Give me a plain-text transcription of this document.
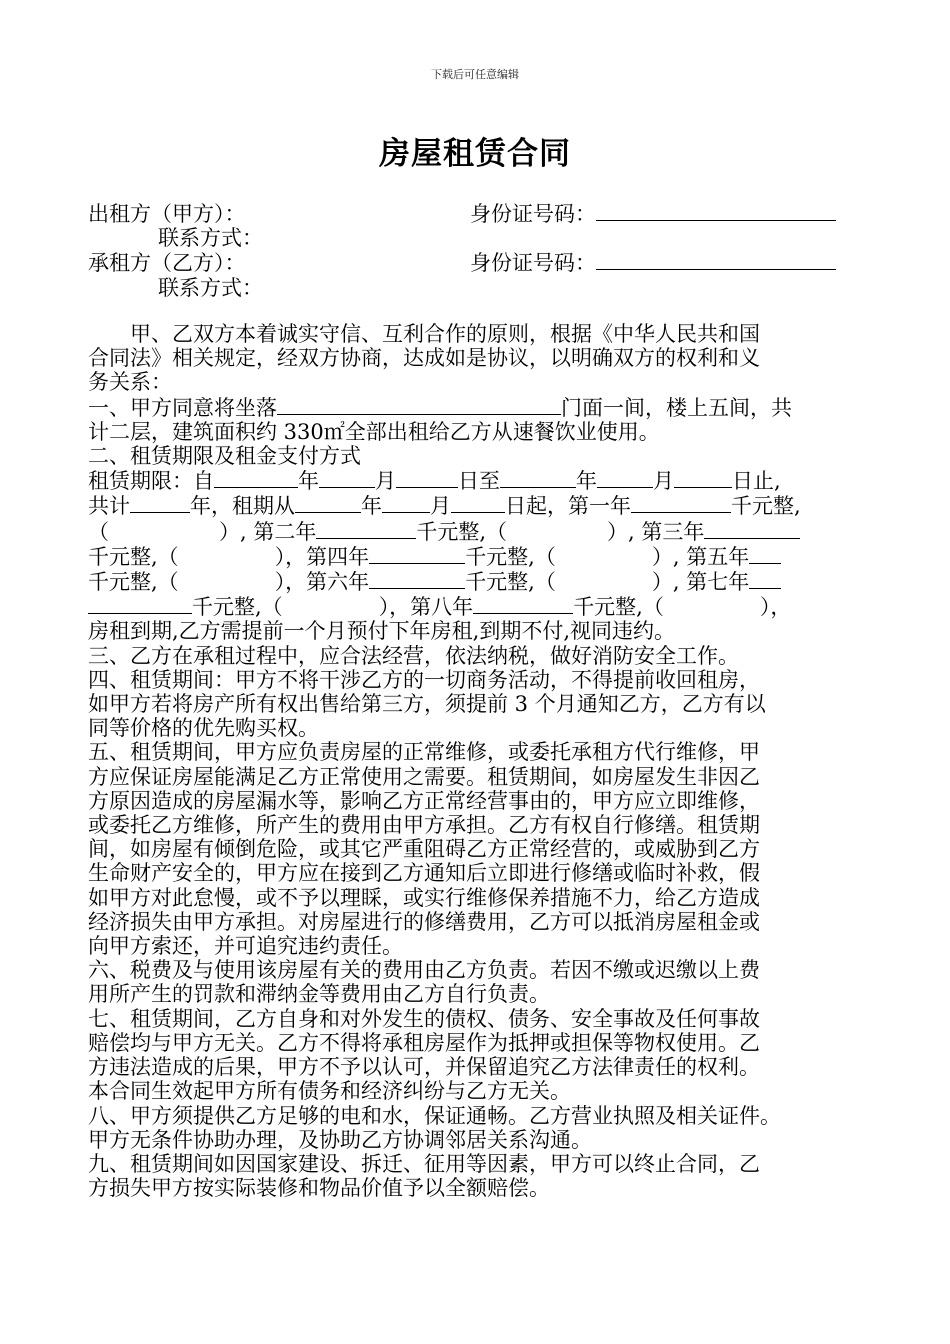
下载后可任意编辑
房屋租赁合同
出租方（甲方）：	身份证号码：
联系方式：
承租方（乙方）：	身份证号码：
联系方式：

　　甲、乙双方本着诚实守信、互利合作的原则，根据《中华人民共和国

合同法》相关规定，经双方协商，达成如是协议，以明确双方的权利和义

务关系：

一、甲方同意将坐落	门面一间，楼上五间，共

计二层，建筑面积约 330㎡全部出租给乙方从速餐饮业使用。

二、租赁期限及租金支付方式

租赁期限：自	年	月	日至	年	月	日止,

共计	年，租期从	年 月	日起，第一年	千元整,

（	）, 第二年	千元整,（	）, 第三年

千元整,（	），第四年	千元整,（	）, 第五年

千元整,（	），第六年	千元整,（	）, 第七年

千元整,（	），第八年	千元整,（	），

房租到期,乙方需提前一个月预付下年房租,到期不付,视同违约。

三、乙方在承租过程中，应合法经营，依法纳税，做好消防安全工作。

四、租赁期间：甲方不将干涉乙方的一切商务活动，不得提前收回租房，

如甲方若将房产所有权出售给第三方，须提前 3 个月通知乙方，乙方有以

同等价格的优先购买权。

五、租赁期间，甲方应负责房屋的正常维修，或委托承租方代行维修，甲

方应保证房屋能满足乙方正常使用之需要。租赁期间，如房屋发生非因乙

方原因造成的房屋漏水等，影响乙方正常经营事由的，甲方应立即维修，

或委托乙方维修，所产生的费用由甲方承担。乙方有权自行修缮。租赁期

间，如房屋有倾倒危险，或其它严重阻碍乙方正常经营的，或威胁到乙方

生命财产安全的，甲方应在接到乙方通知后立即进行修缮或临时补救，假

如甲方对此怠慢，或不予以理睬，或实行维修保养措施不力，给乙方造成

经济损失由甲方承担。对房屋进行的修缮费用，乙方可以抵消房屋租金或

向甲方索还，并可追究违约责任。

六、税费及与使用该房屋有关的费用由乙方负责。若因不缴或迟缴以上费

用所产生的罚款和滞纳金等费用由乙方自行负责。

七、租赁期间，乙方自身和对外发生的债权、债务、安全事故及任何事故

赔偿均与甲方无关。乙方不得将承租房屋作为抵押或担保等物权使用。乙

方违法造成的后果，甲方不予以认可，并保留追究乙方法律责任的权利。

本合同生效起甲方所有债务和经济纠纷与乙方无关。

八、甲方须提供乙方足够的电和水，保证通畅。乙方营业执照及相关证件。

甲方无条件协助办理，及协助乙方协调邻居关系沟通。

九、租赁期间如因国家建设、拆迁、征用等因素，甲方可以终止合同，乙

方损失甲方按实际装修和物品价值予以全额赔偿。
